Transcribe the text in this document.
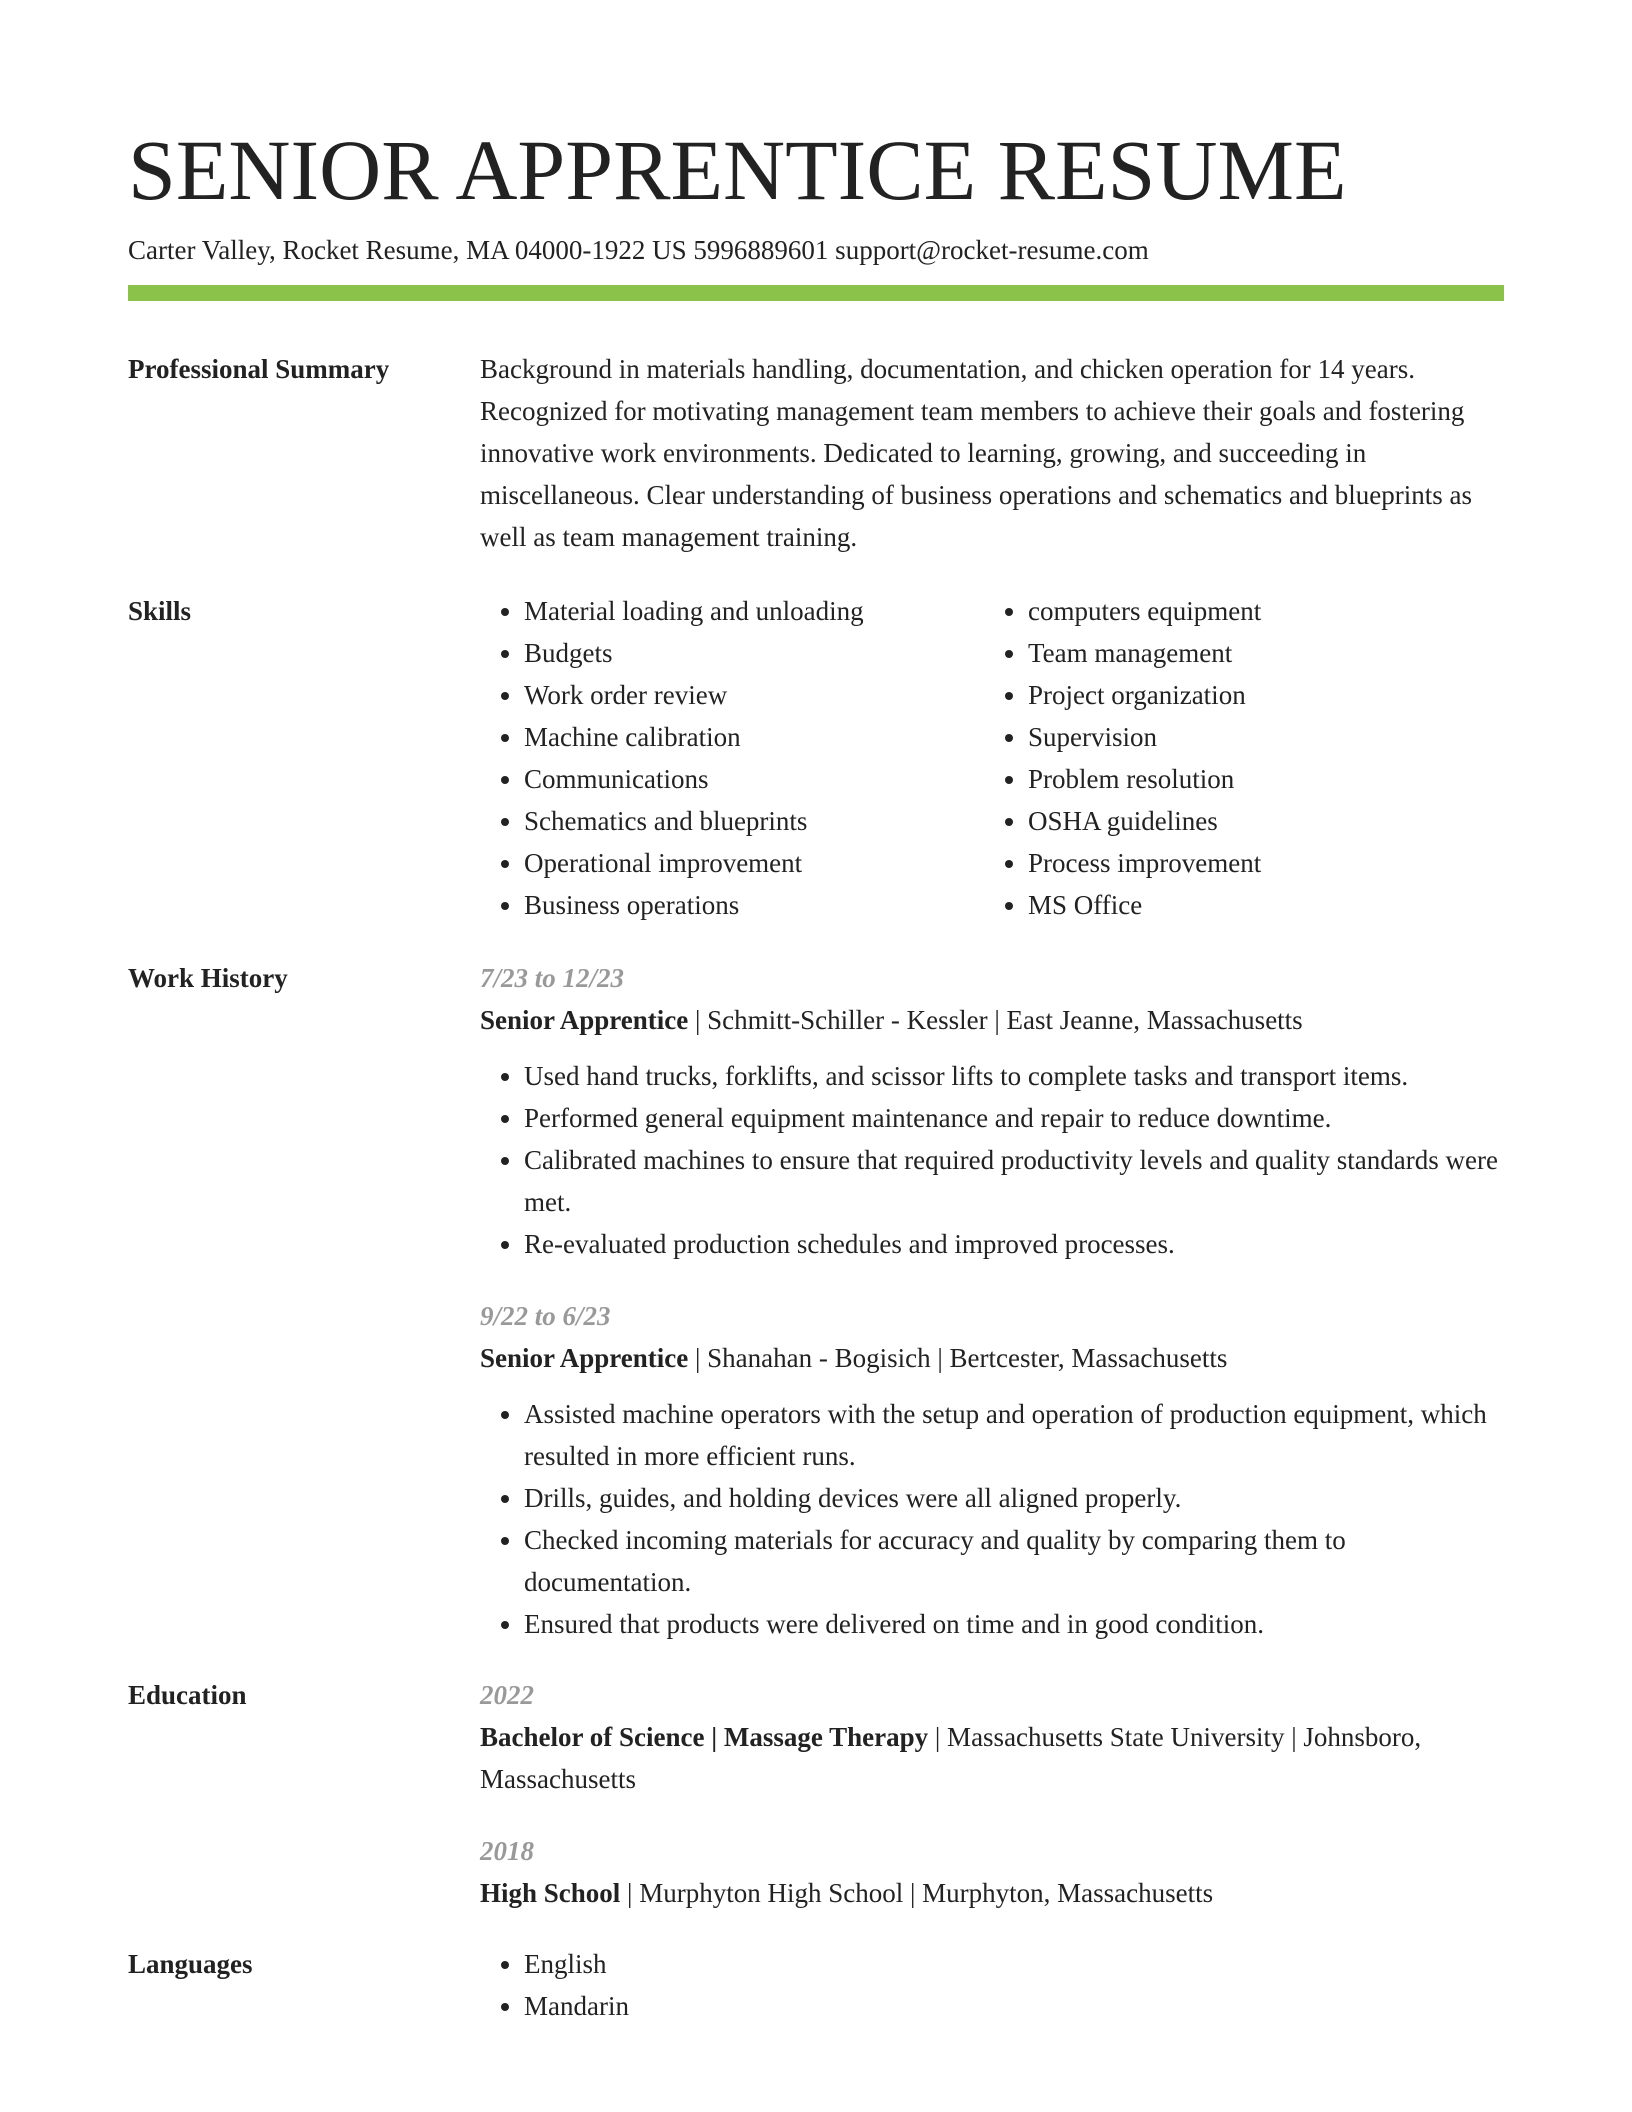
SENIOR APPRENTICE RESUME
Carter Valley, Rocket Resume, MA 04000-1922 US 5996889601 support@rocket-resume.com
Professional Summary	Background in materials handling, documentation, and chicken operation for 14 years. Recognized for motivating management team members to achieve their goals and fostering innovative work environments. Dedicated to learning, growing, and succeeding in miscellaneous. Clear understanding of business operations and schematics and blueprints as well as team management training.

Skills	• Material loading and unloading
• Budgets
• Work order review
• Machine calibration
• Communications
• Schematics and blueprints
• Operational improvement
• Business operations
• computers equipment
• Team management
• Project organization
• Supervision
• Problem resolution
• OSHA guidelines
• Process improvement
• MS Office
Work History	7/23 to 12/23
Senior Apprentice | Schmitt-Schiller - Kessler | East Jeanne, Massachusetts
• Used hand trucks, forklifts, and scissor lifts to complete tasks and transport items.
• Performed general equipment maintenance and repair to reduce downtime.
• Calibrated machines to ensure that required productivity levels and quality standards were met.
• Re-evaluated production schedules and improved processes.
9/22 to 6/23
Senior Apprentice | Shanahan - Bogisich | Bertcester, Massachusetts
• Assisted machine operators with the setup and operation of production equipment, which resulted in more efficient runs.
• Drills, guides, and holding devices were all aligned properly.
• Checked incoming materials for accuracy and quality by comparing them to documentation.
• Ensured that products were delivered on time and in good condition.
Education	2022
Bachelor of Science | Massage Therapy | Massachusetts State University | Johnsboro, Massachusetts
2018
High School | Murphyton High School | Murphyton, Massachusetts
Languages	• English
• Mandarin
